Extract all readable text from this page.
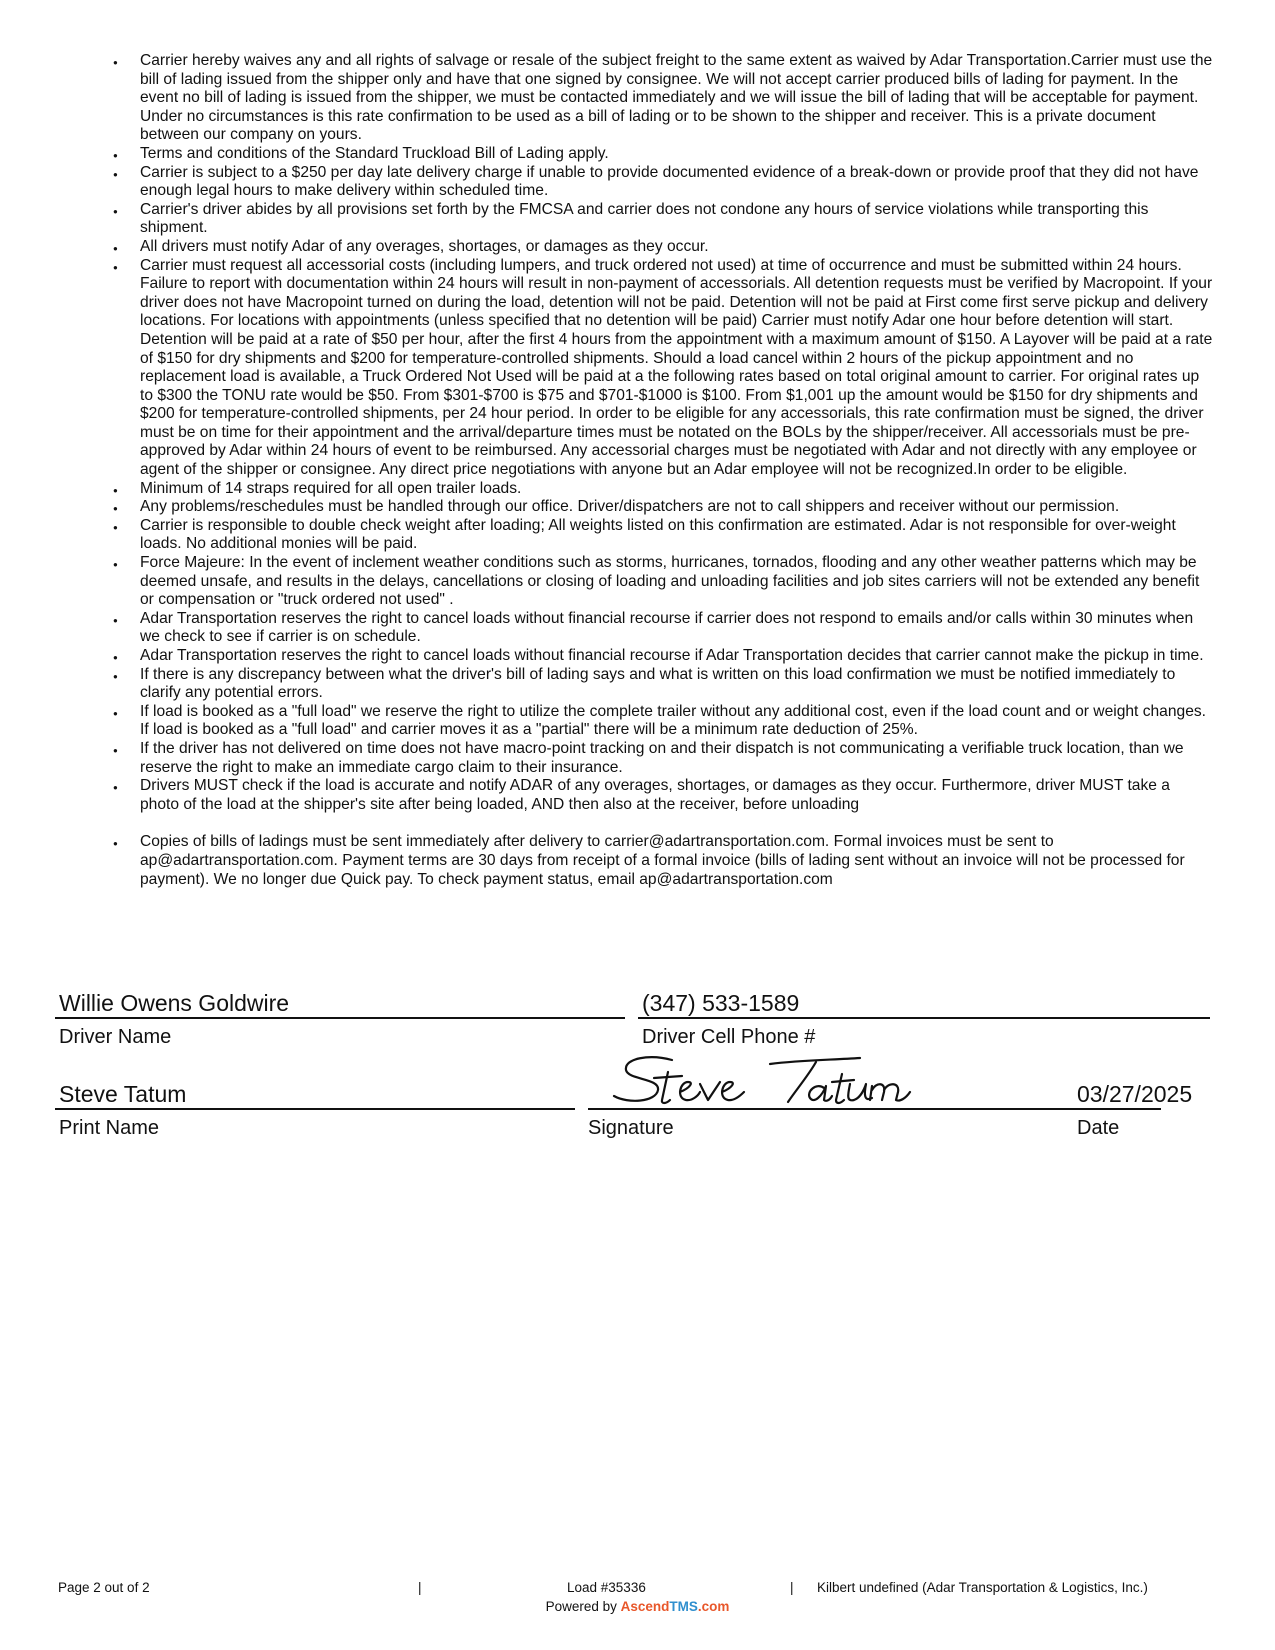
● Carrier hereby waives any and all rights of salvage or resale of the subject freight to the same extent as waived by Adar Transportation.Carrier must use the bill of lading issued from the shipper only and have that one signed by consignee. We will not accept carrier produced bills of lading for payment. In the event no bill of lading is issued from the shipper, we must be contacted immediately and we will issue the bill of lading that will be acceptable for payment. Under no circumstances is this rate confirmation to be used as a bill of lading or to be shown to the shipper and receiver. This is a private document between our company on yours.
● Terms and conditions of the Standard Truckload Bill of Lading apply.
● Carrier is subject to a $250 per day late delivery charge if unable to provide documented evidence of a break-down or provide proof that they did not have enough legal hours to make delivery within scheduled time.
● Carrier's driver abides by all provisions set forth by the FMCSA and carrier does not condone any hours of service violations while transporting this shipment.
● All drivers must notify Adar of any overages, shortages, or damages as they occur.
● Carrier must request all accessorial costs (including lumpers, and truck ordered not used) at time of occurrence and must be submitted within 24 hours. Failure to report with documentation within 24 hours will result in non-payment of accessorials. All detention requests must be verified by Macropoint. If your driver does not have Macropoint turned on during the load, detention will not be paid. Detention will not be paid at First come first serve pickup and delivery locations. For locations with appointments (unless specified that no detention will be paid) Carrier must notify Adar one hour before detention will start. Detention will be paid at a rate of $50 per hour, after the first 4 hours from the appointment with a maximum amount of $150. A Layover will be paid at a rate of $150 for dry shipments and $200 for temperature-controlled shipments. Should a load cancel within 2 hours of the pickup appointment and no replacement load is available, a Truck Ordered Not Used will be paid at a the following rates based on total original amount to carrier. For original rates up to $300 the TONU rate would be $50. From $301-$700 is $75 and $701-$1000 is $100. From $1,001 up the amount would be $150 for dry shipments and $200 for temperature-controlled shipments, per 24 hour period. In order to be eligible for any accessorials, this rate confirmation must be signed, the driver must be on time for their appointment and the arrival/departure times must be notated on the BOLs by the shipper/receiver. All accessorials must be pre-approved by Adar within 24 hours of event to be reimbursed. Any accessorial charges must be negotiated with Adar and not directly with any employee or agent of the shipper or consignee. Any direct price negotiations with anyone but an Adar employee will not be recognized.In order to be eligible.
● Minimum of 14 straps required for all open trailer loads.
● Any problems/reschedules must be handled through our office. Driver/dispatchers are not to call shippers and receiver without our permission.
● Carrier is responsible to double check weight after loading; All weights listed on this confirmation are estimated. Adar is not responsible for over-weight loads. No additional monies will be paid.
● Force Majeure: In the event of inclement weather conditions such as storms, hurricanes, tornados, flooding and any other weather patterns which may be deemed unsafe, and results in the delays, cancellations or closing of loading and unloading facilities and job sites carriers will not be extended any benefit or compensation or "truck ordered not used" .
● Adar Transportation reserves the right to cancel loads without financial recourse if carrier does not respond to emails and/or calls within 30 minutes when we check to see if carrier is on schedule.
● Adar Transportation reserves the right to cancel loads without financial recourse if Adar Transportation decides that carrier cannot make the pickup in time.
● If there is any discrepancy between what the driver's bill of lading says and what is written on this load confirmation we must be notified immediately to clarify any potential errors.
● If load is booked as a "full load" we reserve the right to utilize the complete trailer without any additional cost, even if the load count and or weight changes. If load is booked as a "full load" and carrier moves it as a "partial" there will be a minimum rate deduction of 25%.
● If the driver has not delivered on time does not have macro-point tracking on and their dispatch is not communicating a verifiable truck location, than we reserve the right to make an immediate cargo claim to their insurance.
● Drivers MUST check if the load is accurate and notify ADAR of any overages, shortages, or damages as they occur. Furthermore, driver MUST take a photo of the load at the shipper's site after being loaded, AND then also at the receiver, before unloading
● Copies of bills of ladings must be sent immediately after delivery to carrier@adartransportation.com. Formal invoices must be sent to ap@adartransportation.com. Payment terms are 30 days from receipt of a formal invoice (bills of lading sent without an invoice will not be processed for payment). We no longer due Quick pay. To check payment status, email ap@adartransportation.com
Willie Owens Goldwire
Driver Name
(347) 533-1589
Driver Cell Phone #
Steve Tatum
Print Name
	Signature
03/27/2025
Date
Page 2 out of 2	|	Load #35336	| Kilbert undefined (Adar Transportation & Logistics, Inc.)
Powered by AscendTMS.com
